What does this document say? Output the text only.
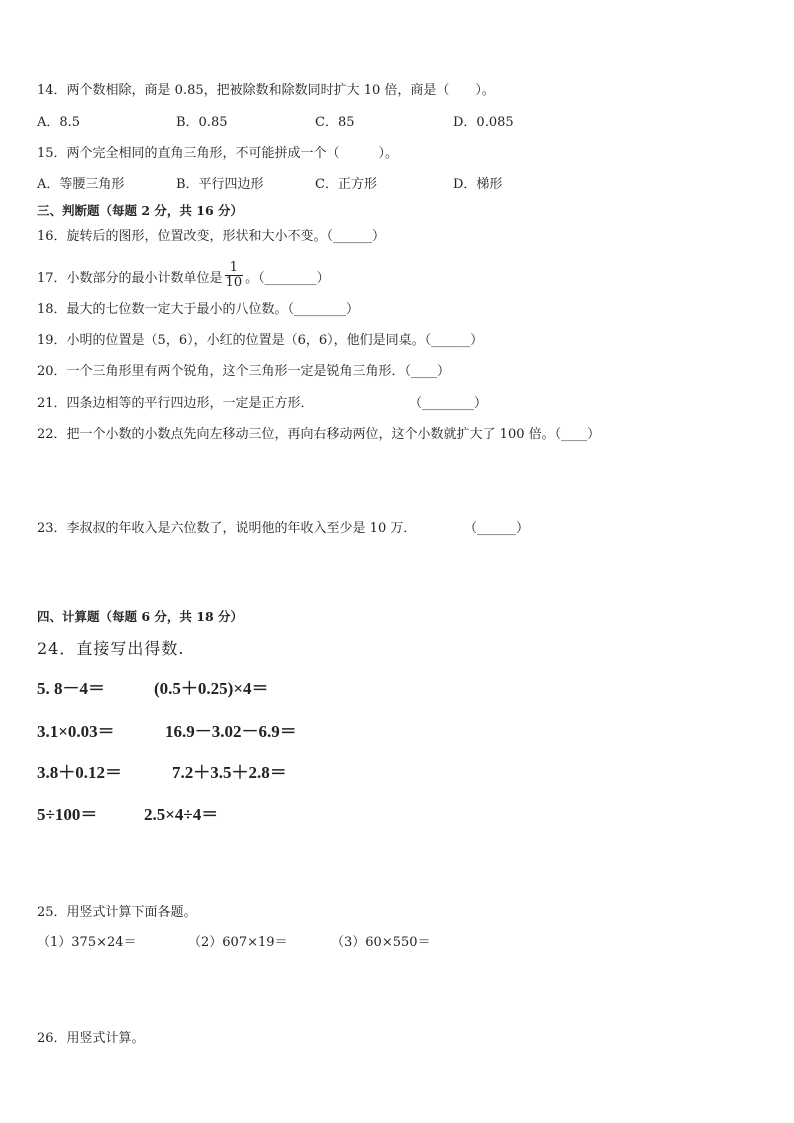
14．两个数相除，商是 0.85，把被除数和除数同时扩大 10 倍，商是（　　）。
A．8.5	B．0.85	C．85	D．0.085
15．两个完全相同的直角三角形，不可能拼成一个（　　　）。
A．等腰三角形	B．平行四边形	C．正方形	D．梯形
三、判断题（每题 2 分，共 16 分）
16．旋转后的图形，位置改变，形状和大小不变。（______）
17．小数部分的最小计数单位是 $\frac{1}{10}$ 。（________）
18．最大的七位数一定大于最小的八位数。（________）
19．小明的位置是（5，6），小红的位置是（6，6），他们是同桌。（______）
20．一个三角形里有两个锐角，这个三角形一定是锐角三角形．（____）
21．四条边相等的平行四边形，一定是正方形．	（________）
22．把一个小数的小数点先向左移动三位，再向右移动两位，这个小数就扩大了 100 倍。（____）
23．李叔叔的年收入是六位数了，说明他的年收入至少是 10 万．	（______）
四、计算题（每题 6 分，共 18 分）
24．直接写出得数.
5. 8－4＝	(0.5＋0.25)×4＝
3.1×0.03＝	16.9－3.02－6.9＝
3.8＋0.12＝	7.2＋3.5＋2.8＝
5÷100＝	2.5×4÷4＝
25．用竖式计算下面各题。
（1）375×24＝	（2）607×19＝	（3）60×550＝
26．用竖式计算。
